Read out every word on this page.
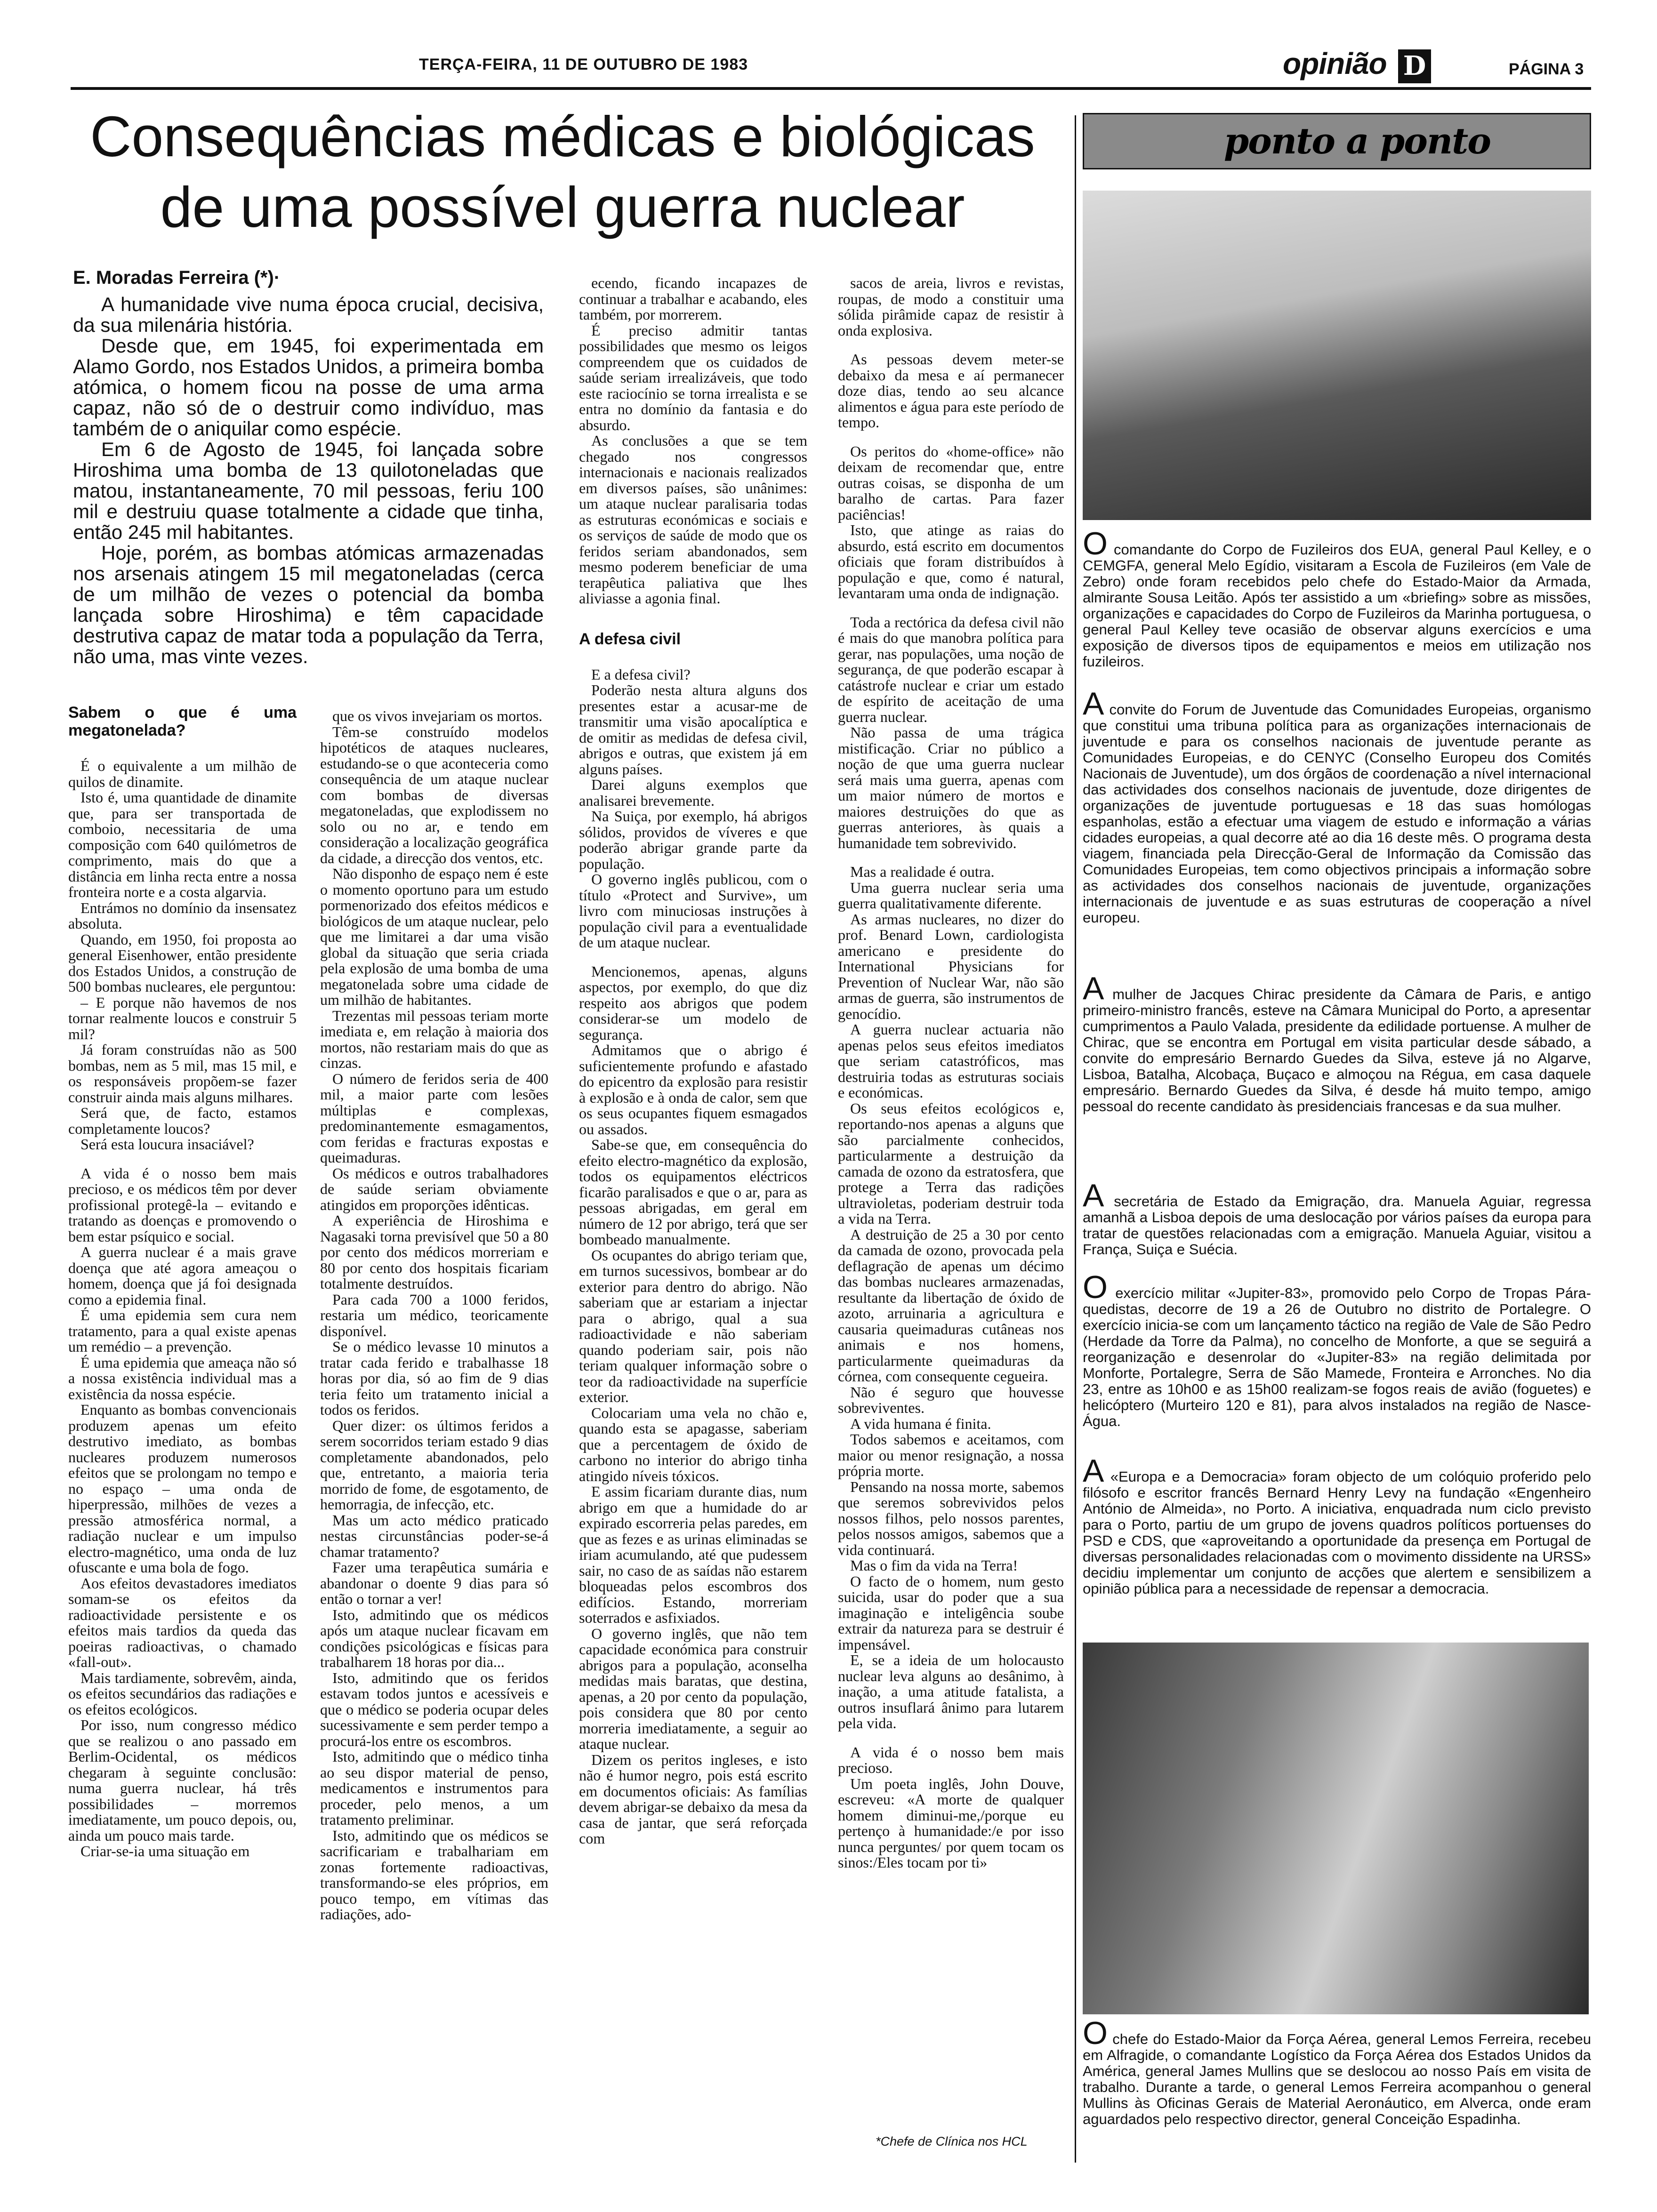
TERÇA-FEIRA, 11 DE OUTUBRO DE 1983	opinião D	PÁGINA 3
Consequências médicas e biológicas
de uma possível guerra nuclear
E. Moradas Ferreira (*)·

A humanidade vive numa época crucial, decisiva, da sua milenária história.

Desde que, em 1945, foi experimentada em Alamo Gordo, nos Estados Unidos, a primeira bomba atómica, o homem ficou na posse de uma arma capaz, não só de o destruir como indivíduo, mas também de o aniquilar como espécie.

Em 6 de Agosto de 1945, foi lançada sobre Hiroshima uma bomba de 13 quilotoneladas que matou, instantaneamente, 70 mil pessoas, feriu 100 mil e destruiu quase totalmente a cidade que tinha, então 245 mil habitantes.

Hoje, porém, as bombas atómicas armazenadas nos arsenais atingem 15 mil megatoneladas (cerca de um milhão de vezes o potencial da bomba lançada sobre Hiroshima) e têm capacidade destrutiva capaz de matar toda a população da Terra, não uma, mas vinte vezes.

Sabem o que é uma megatonelada?

É o equivalente a um milhão de quilos de dinamite.

Isto é, uma quantidade de dinamite que, para ser transportada de comboio, necessitaria de uma composição com 640 quilómetros de comprimento, mais do que a distância em linha recta entre a nossa fronteira norte e a costa algarvia.

Entrámos no domínio da insensatez absoluta.

Quando, em 1950, foi proposta ao general Eisenhower, então presidente dos Estados Unidos, a construção de 500 bombas nucleares, ele perguntou:

– E porque não havemos de nos tornar realmente loucos e construir 5 mil?

Já foram construídas não as 500 bombas, nem as 5 mil, mas 15 mil, e os responsáveis propõem-se fazer construir ainda mais alguns milhares.

Será que, de facto, estamos completamente loucos?

Será esta loucura insaciável?

A vida é o nosso bem mais precioso, e os médicos têm por dever profissional protegê-la – evitando e tratando as doenças e promovendo o bem estar psíquico e social.

A guerra nuclear é a mais grave doença que até agora ameaçou o homem, doença que já foi designada como a epidemia final.

É uma epidemia sem cura nem tratamento, para a qual existe apenas um remédio – a prevenção.

É uma epidemia que ameaça não só a nossa existência individual mas a existência da nossa espécie.

Enquanto as bombas convencionais produzem apenas um efeito destrutivo imediato, as bombas nucleares produzem numerosos efeitos que se prolongam no tempo e no espaço – uma onda de hiperpressão, milhões de vezes a pressão atmosférica normal, a radiação nuclear e um impulso electro-magnético, uma onda de luz ofuscante e uma bola de fogo.

Aos efeitos devastadores imediatos somam-se os efeitos da radioactividade persistente e os efeitos mais tardios da queda das poeiras radioactivas, o chamado «fall-out».

Mais tardiamente, sobrevêm, ainda, os efeitos secundários das radiações e os efeitos ecológicos.

Por isso, num congresso médico que se realizou o ano passado em Berlim-Ocidental, os médicos chegaram à seguinte conclusão: numa guerra nuclear, há três possibilidades – morremos imediatamente, um pouco depois, ou, ainda um pouco mais tarde.

Criar-se-ia uma situação em

que os vivos invejariam os mortos.

Têm-se construído modelos hipotéticos de ataques nucleares, estudando-se o que aconteceria como consequência de um ataque nuclear com bombas de diversas megatoneladas, que explodissem no solo ou no ar, e tendo em consideração a localização geográfica da cidade, a direcção dos ventos, etc.

Não disponho de espaço nem é este o momento oportuno para um estudo pormenorizado dos efeitos médicos e biológicos de um ataque nuclear, pelo que me limitarei a dar uma visão global da situação que seria criada pela explosão de uma bomba de uma megatonelada sobre uma cidade de um milhão de habitantes.

Trezentas mil pessoas teriam morte imediata e, em relação à maioria dos mortos, não restariam mais do que as cinzas.

O número de feridos seria de 400 mil, a maior parte com lesões múltiplas e complexas, predominantemente esmagamentos, com feridas e fracturas expostas e queimaduras.

Os médicos e outros trabalhadores de saúde seriam obviamente atingidos em proporções idênticas.

A experiência de Hiroshima e Nagasaki torna previsível que 50 a 80 por cento dos médicos morreriam e 80 por cento dos hospitais ficariam totalmente destruídos.

Para cada 700 a 1000 feridos, restaria um médico, teoricamente disponível.

Se o médico levasse 10 minutos a tratar cada ferido e trabalhasse 18 horas por dia, só ao fim de 9 dias teria feito um tratamento inicial a todos os feridos.

Quer dizer: os últimos feridos a serem socorridos teriam estado 9 dias completamente abandonados, pelo que, entretanto, a maioria teria morrido de fome, de esgotamento, de hemorragia, de infecção, etc.

Mas um acto médico praticado nestas circunstâncias poder-se-á chamar tratamento?

Fazer uma terapêutica sumária e abandonar o doente 9 dias para só então o tornar a ver!

Isto, admitindo que os médicos após um ataque nuclear ficavam em condições psicológicas e físicas para trabalharem 18 horas por dia...

Isto, admitindo que os feridos estavam todos juntos e acessíveis e que o médico se poderia ocupar deles sucessivamente e sem perder tempo a procurá-los entre os escombros.

Isto, admitindo que o médico tinha ao seu dispor material de penso, medicamentos e instrumentos para proceder, pelo menos, a um tratamento preliminar.

Isto, admitindo que os médicos se sacrificariam e trabalhariam em zonas fortemente radioactivas, transformando-se eles próprios, em pouco tempo, em vítimas das radiações, ado-

ecendo, ficando incapazes de continuar a trabalhar e acabando, eles também, por morrerem.

É preciso admitir tantas possibilidades que mesmo os leigos compreendem que os cuidados de saúde seriam irrealizáveis, que todo este raciocínio se torna irrealista e se entra no domínio da fantasia e do absurdo.

As conclusões a que se tem chegado nos congressos internacionais e nacionais realizados em diversos países, são unânimes: um ataque nuclear paralisaria todas as estruturas económicas e sociais e os serviços de saúde de modo que os feridos seriam abandonados, sem mesmo poderem beneficiar de uma terapêutica paliativa que lhes aliviasse a agonia final.

A defesa civil

E a defesa civil?

Poderão nesta altura alguns dos presentes estar a acusar-me de transmitir uma visão apocalíptica e de omitir as medidas de defesa civil, abrigos e outras, que existem já em alguns países.

Darei alguns exemplos que analisarei brevemente.

Na Suiça, por exemplo, há abrigos sólidos, providos de víveres e que poderão abrigar grande parte da população.

O governo inglês publicou, com o título «Protect and Survive», um livro com minuciosas instruções à população civil para a eventualidade de um ataque nuclear.

Mencionemos, apenas, alguns aspectos, por exemplo, do que diz respeito aos abrigos que podem considerar-se um modelo de segurança.

Admitamos que o abrigo é suficientemente profundo e afastado do epicentro da explosão para resistir à explosão e à onda de calor, sem que os seus ocupantes fiquem esmagados ou assados.

Sabe-se que, em consequência do efeito electro-magnético da explosão, todos os equipamentos eléctricos ficarão paralisados e que o ar, para as pessoas abrigadas, em geral em número de 12 por abrigo, terá que ser bombeado manualmente.

Os ocupantes do abrigo teriam que, em turnos sucessivos, bombear ar do exterior para dentro do abrigo. Não saberiam que ar estariam a injectar para o abrigo, qual a sua radioactividade e não saberiam quando poderiam sair, pois não teriam qualquer informação sobre o teor da radioactividade na superfície exterior.

Colocariam uma vela no chão e, quando esta se apagasse, saberiam que a percentagem de óxido de carbono no interior do abrigo tinha atingido níveis tóxicos.

E assim ficariam durante dias, num abrigo em que a humidade do ar expirado escorreria pelas paredes, em que as fezes e as urinas eliminadas se iriam acumulando, até que pudessem sair, no caso de as saídas não estarem bloqueadas pelos escombros dos edifícios. Estando, morreriam soterrados e asfixiados.

O governo inglês, que não tem capacidade económica para construir abrigos para a população, aconselha medidas mais baratas, que destina, apenas, a 20 por cento da população, pois considera que 80 por cento morreria imediatamente, a seguir ao ataque nuclear.

Dizem os peritos ingleses, e isto não é humor negro, pois está escrito em documentos oficiais: As famílias devem abrigar-se debaixo da mesa da casa de jantar, que será reforçada com

sacos de areia, livros e revistas, roupas, de modo a constituir uma sólida pirâmide capaz de resistir à onda explosiva.

As pessoas devem meter-se debaixo da mesa e aí permanecer doze dias, tendo ao seu alcance alimentos e água para este período de tempo.

Os peritos do «home-office» não deixam de recomendar que, entre outras coisas, se disponha de um baralho de cartas. Para fazer paciências!

Isto, que atinge as raias do absurdo, está escrito em documentos oficiais que foram distribuídos à população e que, como é natural, levantaram uma onda de indignação.

Toda a rectórica da defesa civil não é mais do que manobra política para gerar, nas populações, uma noção de segurança, de que poderão escapar à catástrofe nuclear e criar um estado de espírito de aceitação de uma guerra nuclear.

Não passa de uma trágica mistificação. Criar no público a noção de que uma guerra nuclear será mais uma guerra, apenas com um maior número de mortos e maiores destruições do que as guerras anteriores, às quais a humanidade tem sobrevivido.

Mas a realidade é outra.

Uma guerra nuclear seria uma guerra qualitativamente diferente.

As armas nucleares, no dizer do prof. Benard Lown, cardiologista americano e presidente do International Physicians for Prevention of Nuclear War, não são armas de guerra, são instrumentos de genocídio.

A guerra nuclear actuaria não apenas pelos seus efeitos imediatos que seriam catastróficos, mas destruiria todas as estruturas sociais e económicas.

Os seus efeitos ecológicos e, reportando-nos apenas a alguns que são parcialmente conhecidos, particularmente a destruição da camada de ozono da estratosfera, que protege a Terra das radições ultravioletas, poderiam destruir toda a vida na Terra.

A destruição de 25 a 30 por cento da camada de ozono, provocada pela deflagração de apenas um décimo das bombas nucleares armazenadas, resultante da libertação de óxido de azoto, arruinaria a agricultura e causaria queimaduras cutâneas nos animais e nos homens, particularmente queimaduras da córnea, com consequente cegueira.

Não é seguro que houvesse sobreviventes.

A vida humana é finita.

Todos sabemos e aceitamos, com maior ou menor resignação, a nossa própria morte.

Pensando na nossa morte, sabemos que seremos sobrevividos pelos nossos filhos, pelo nossos parentes, pelos nossos amigos, sabemos que a vida continuará.

Mas o fim da vida na Terra!

O facto de o homem, num gesto suicida, usar do poder que a sua imaginação e inteligência soube extrair da natureza para se destruir é impensável.

E, se a ideia de um holocausto nuclear leva alguns ao desânimo, à inação, a uma atitude fatalista, a outros insuflará ânimo para lutarem pela vida.

A vida é o nosso bem mais precioso.

Um poeta inglês, John Douve, escreveu: «A morte de qualquer homem diminui-me,/porque eu pertenço à humanidade:/e por isso nunca perguntes/ por quem tocam os sinos:/Eles tocam por ti»

*Chefe de Clínica nos HCL
ponto a ponto

O comandante do Corpo de Fuzileiros dos EUA, general Paul Kelley, e o CEMGFA, general Melo Egídio, visitaram a Escola de Fuzileiros (em Vale de Zebro) onde foram recebidos pelo chefe do Estado-Maior da Armada, almirante Sousa Leitão. Após ter assistido a um «briefing» sobre as missões, organizações e capacidades do Corpo de Fuzileiros da Marinha portuguesa, o general Paul Kelley teve ocasião de observar alguns exercícios e uma exposição de diversos tipos de equipamentos e meios em utilização nos fuzileiros.

A convite do Forum de Juventude das Comunidades Europeias, organismo que constitui uma tribuna política para as organizações internacionais de juventude e para os conselhos nacionais de juventude perante as Comunidades Europeias, e do CENYC (Conselho Europeu dos Comités Nacionais de Juventude), um dos órgãos de coordenação a nível internacional das actividades dos conselhos nacionais de juventude, doze dirigentes de organizações de juventude portuguesas e 18 das suas homólogas espanholas, estão a efectuar uma viagem de estudo e informação a várias cidades europeias, a qual decorre até ao dia 16 deste mês. O programa desta viagem, financiada pela Direcção-Geral de Informação da Comissão das Comunidades Europeias, tem como objectivos principais a informação sobre as actividades dos conselhos nacionais de juventude, organizações internacionais de juventude e as suas estruturas de cooperação a nível europeu.

A mulher de Jacques Chirac presidente da Câmara de Paris, e antigo primeiro-ministro francês, esteve na Câmara Municipal do Porto, a apresentar cumprimentos a Paulo Valada, presidente da edilidade portuense. A mulher de Chirac, que se encontra em Portugal em visita particular desde sábado, a convite do empresário Bernardo Guedes da Silva, esteve já no Algarve, Lisboa, Batalha, Alcobaça, Buçaco e almoçou na Régua, em casa daquele empresário. Bernardo Guedes da Silva, é desde há muito tempo, amigo pessoal do recente candidato às presidenciais francesas e da sua mulher.

A secretária de Estado da Emigração, dra. Manuela Aguiar, regressa amanhã a Lisboa depois de uma deslocação por vários países da europa para tratar de questões relacionadas com a emigração. Manuela Aguiar, visitou a França, Suiça e Suécia.

O exercício militar «Jupiter-83», promovido pelo Corpo de Tropas Pára-quedistas, decorre de 19 a 26 de Outubro no distrito de Portalegre. O exercício inicia-se com um lançamento táctico na região de Vale de São Pedro (Herdade da Torre da Palma), no concelho de Monforte, a que se seguirá a reorganização e desenrolar do «Jupiter-83» na região delimitada por Monforte, Portalegre, Serra de São Mamede, Fronteira e Arronches. No dia 23, entre as 10h00 e as 15h00 realizam-se fogos reais de avião (foguetes) e helicóptero (Murteiro 120 e 81), para alvos instalados na região de Nasce-Água.

A «Europa e a Democracia» foram objecto de um colóquio proferido pelo filósofo e escritor francês Bernard Henry Levy na fundação «Engenheiro António de Almeida», no Porto. A iniciativa, enquadrada num ciclo previsto para o Porto, partiu de um grupo de jovens quadros políticos portuenses do PSD e CDS, que «aproveitando a oportunidade da presença em Portugal de diversas personalidades relacionadas com o movimento dissidente na URSS» decidiu implementar um conjunto de acções que alertem e sensibilizem a opinião pública para a necessidade de repensar a democracia.

O chefe do Estado-Maior da Força Aérea, general Lemos Ferreira, recebeu em Alfragide, o comandante Logístico da Força Aérea dos Estados Unidos da América, general James Mullins que se deslocou ao nosso País em visita de trabalho. Durante a tarde, o general Lemos Ferreira acompanhou o general Mullins às Oficinas Gerais de Material Aeronáutico, em Alverca, onde eram aguardados pelo respectivo director, general Conceição Espadinha.
